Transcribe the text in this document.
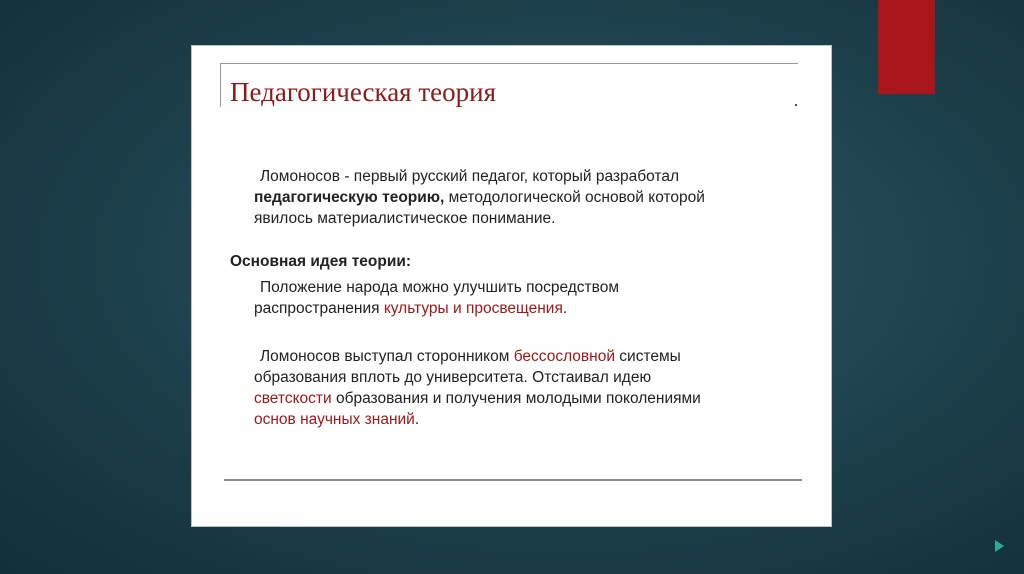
Педагогическая теория
Ломоносов - первый русский педагог, который разработал
педагогическую теорию, методологической основой которой
явилось материалистическое понимание.
Основная идея теории:
Положение народа можно улучшить посредством
распространения культуры и просвещения.
Ломоносов выступал сторонником бессословной системы
образования вплоть до университета. Отстаивал идею
светскости образования и получения молодыми поколениями
основ научных знаний.
